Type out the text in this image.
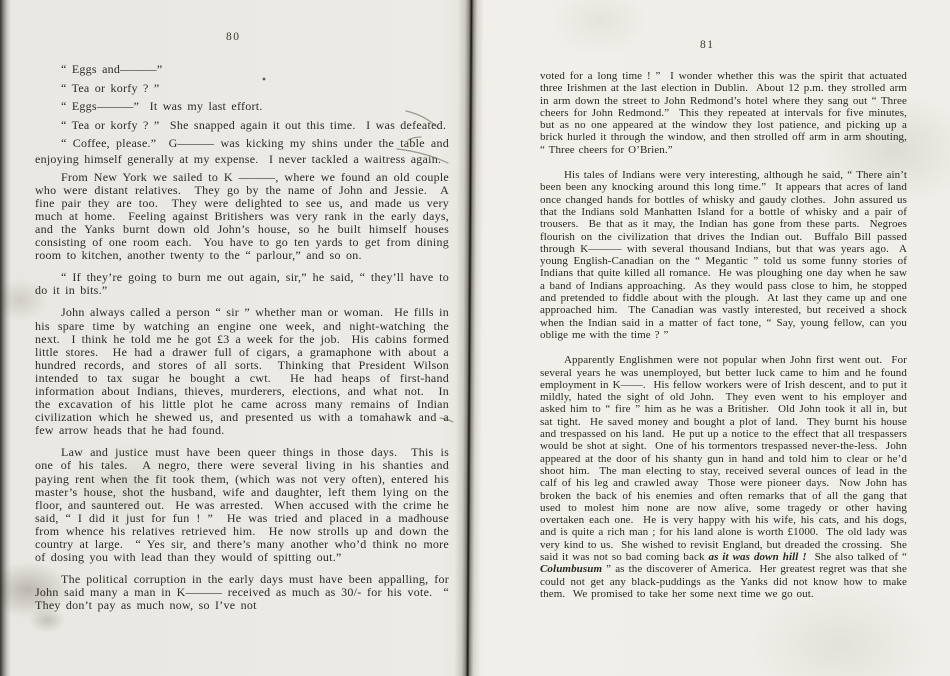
80
81

“ Eggs and———”

“ Tea or korfy ? ”

“ Eggs———”  It was my last effort.

“ Tea or korfy ? ”  She snapped again it out this time.  I was defeated.

“ Coffee, please.”  G——— was kicking my shins under the table and enjoying himself generally at my expense.  I never tackled a waitress again.

From New York we sailed to K ———, where we found an old couple who were distant relatives.  They go by the name of John and Jessie.  A fine pair they are too.  They were delighted to see us, and made us very much at home.  Feeling against Britishers was very rank in the early days, and the Yanks burnt down old John’s house, so he built himself houses consisting of one room each.  You have to go ten yards to get from dining room to kitchen, another twenty to the “ parlour,” and so on.

“ If they’re going to burn me out again, sir,” he said, “ they’ll have to do it in bits.”

John always called a person “ sir ” whether man or woman.  He fills in his spare time by watching an engine one week, and night-watching the next.  I think he told me he got £3 a week for the job.  His cabins formed little stores.  He had a drawer full of cigars, a gramaphone with about a hundred records, and stores of all sorts.  Thinking that President Wilson intended to tax sugar he bought a cwt.  He had heaps of first-hand information about Indians, thieves, murderers, elections, and what not.  In the excavation of his little plot he came across many remains of Indian civilization which he shewed us, and presented us with a tomahawk and a few arrow heads that he had found.

Law and justice must have been queer things in those days.  This is one of his tales.  A negro, there were several living in his shanties and paying rent when the fit took them, (which was not very often), entered his master’s house, shot the husband, wife and daughter, left them lying on the floor, and sauntered out.  He was arrested.  When accused with the crime he said, “ I did it just for fun ! ”  He was tried and placed in a madhouse from whence his relatives retrieved him.  He now strolls up and down the country at large.  “ Yes sir, and there’s many another who’d think no more of dosing you with lead than they would of spitting out.”

The political corruption in the early days must have been appalling, for John said many a man in K——— received as much as 30/- for his vote.  “ They don’t pay as much now, so I’ve not

voted for a long time ! ”  I wonder whether this was the spirit that actuated three Irishmen at the last election in Dublin.  About 12 p.m. they strolled arm in arm down the street to John Redmond’s hotel where they sang out “ Three cheers for John Redmond.”  This they repeated at intervals for five minutes, but as no one appeared at the window they lost patience, and picking up a brick hurled it through the window, and then strolled off arm in arm shouting, “ Three cheers for O’Brien.”

His tales of Indians were very interesting, although he said, “ There ain’t been been any knocking around this long time.”  It appears that acres of land once changed hands for bottles of whisky and gaudy clothes.  John assured us that the Indians sold Manhatten Island for a bottle of whisky and a pair of trousers.  Be that as it may, the Indian has gone from these parts.  Negroes flourish on the civilization that drives the Indian out.  Buffalo Bill passed through K——— with several thousand Indians, but that was years ago.  A young English-Canadian on the “ Megantic ” told us some funny stories of Indians that quite killed all romance.  He was ploughing one day when he saw a band of Indians approaching.  As they would pass close to him, he stopped and pretended to fiddle about with the plough.  At last they came up and one approached him.  The Canadian was vastly interested, but received a shock when the Indian said in a matter of fact tone, “ Say, young fellow, can you oblige me with the time ? ”

Apparently Englishmen were not popular when John first went out.  For several years he was unemployed, but better luck came to him and he found employment in K——.  His fellow workers were of Irish descent, and to put it mildly, hated the sight of old John.  They even went to his employer and asked him to “ fire ” him as he was a Britisher.  Old John took it all in, but sat tight.  He saved money and bought a plot of land.  They burnt his house and trespassed on his land.  He put up a notice to the effect that all trespassers would be shot at sight.  One of his tormentors trespassed never-the-less.  John appeared at the door of his shanty gun in hand and told him to clear or he’d shoot him.  The man electing to stay, received several ounces of lead in the calf of his leg and crawled away  Those were pioneer days.  Now John has broken the back of his enemies and often remarks that of all the gang that used to molest him none are now alive, some tragedy or other having overtaken each one.  He is very happy with his wife, his cats, and his dogs, and is quite a rich man ; for his land alone is worth £1000.  The old lady was very kind to us.  She wished to revisit England, but dreaded the crossing.  She said it was not so bad coming back as it was down hill !  She also talked of “ Columbusum ” as the discoverer of America.  Her greatest regret was that she could not get any black-puddings as the Yanks did not know how to make them.  We promised to take her some next time we go out.
